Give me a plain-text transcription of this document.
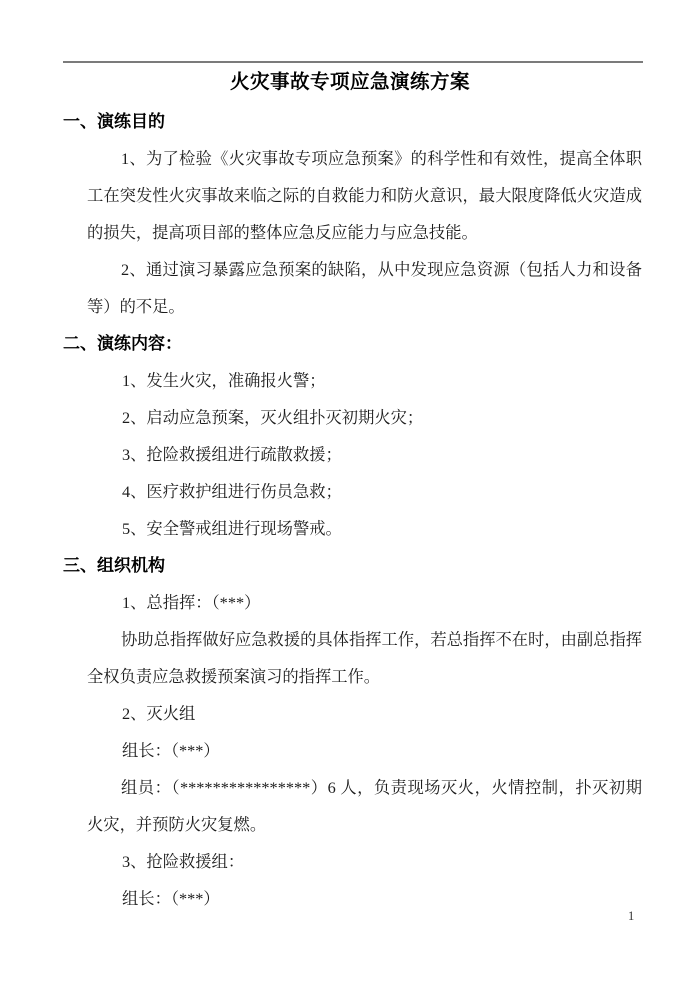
火灾事故专项应急演练方案
一、演练目的

1、为了检验《火灾事故专项应急预案》的科学性和有效性，提高全体职工在突发性火灾事故来临之际的自救能力和防火意识，最大限度降低火灾造成的损失，提高项目部的整体应急反应能力与应急技能。

2、通过演习暴露应急预案的缺陷，从中发现应急资源（包括人力和设备等）的不足。

二、演练内容：

1、发生火灾，准确报火警；

2、启动应急预案，灭火组扑灭初期火灾；

3、抢险救援组进行疏散救援；

4、医疗救护组进行伤员急救；

5、安全警戒组进行现场警戒。

三、组织机构

1、总指挥：（***）

协助总指挥做好应急救援的具体指挥工作，若总指挥不在时，由副总指挥全权负责应急救援预案演习的指挥工作。

2、灭火组

组长：（***）

组员：（****************）6 人，负责现场灭火，火情控制，扑灭初期火灾，并预防火灾复燃。

3、抢险救援组：

组长：（***）

1
